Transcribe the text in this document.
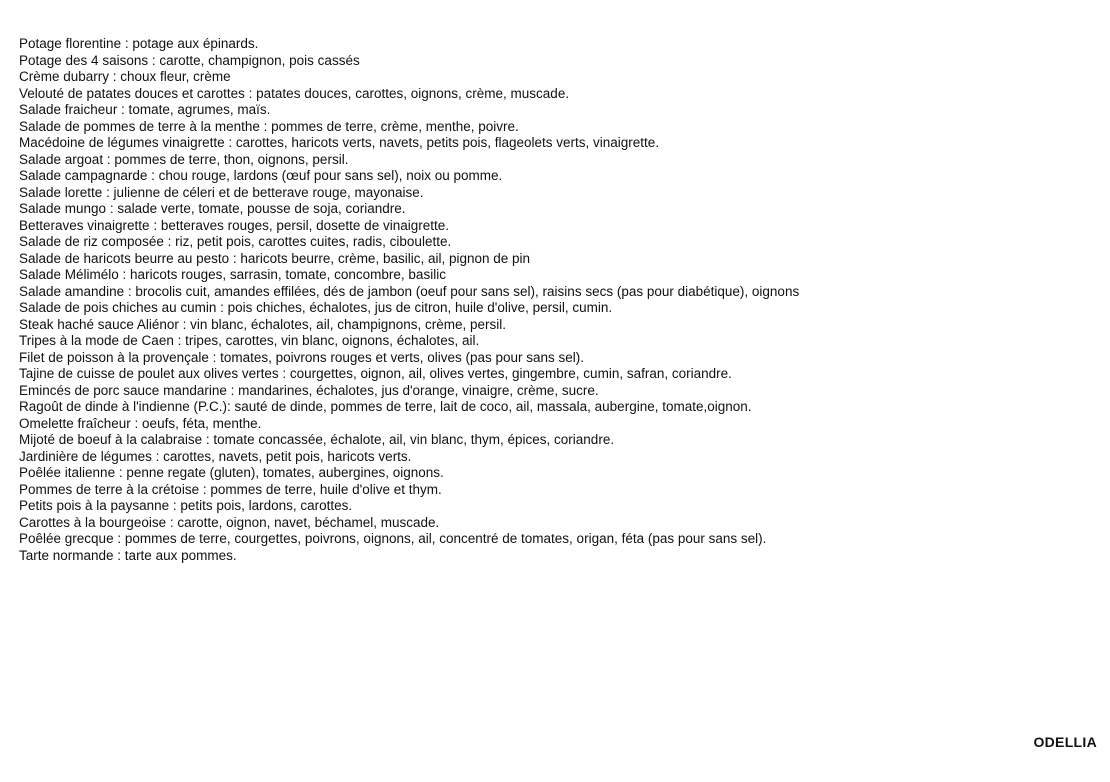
Potage florentine : potage aux épinards.
Potage des 4 saisons : carotte, champignon, pois cassés
Crème dubarry : choux fleur, crème
Velouté de patates douces et carottes : patates douces, carottes, oignons, crème, muscade.
Salade fraicheur : tomate, agrumes, maïs.
Salade de pommes de terre à la menthe : pommes de terre, crème, menthe, poivre.
Macédoine de légumes vinaigrette : carottes, haricots verts, navets, petits pois, flageolets verts, vinaigrette.
Salade argoat : pommes de terre, thon, oignons, persil.
Salade campagnarde : chou rouge, lardons (œuf pour sans sel), noix ou pomme.
Salade lorette : julienne de céleri et de betterave rouge, mayonaise.
Salade mungo : salade verte, tomate, pousse de soja, coriandre.
Betteraves vinaigrette : betteraves rouges, persil, dosette de vinaigrette.
Salade de riz composée : riz, petit pois, carottes cuites, radis, ciboulette.
Salade de haricots beurre au pesto : haricots beurre, crème, basilic, ail, pignon de pin
Salade Mélimélo : haricots rouges, sarrasin, tomate, concombre, basilic
Salade amandine : brocolis cuit, amandes effilées, dés de jambon (oeuf pour sans sel), raisins secs (pas pour diabétique), oignons
Salade de pois chiches au cumin : pois chiches, échalotes, jus de citron, huile d'olive, persil, cumin.
Steak haché sauce Aliénor : vin blanc, échalotes, ail, champignons, crème, persil.
Tripes à la mode de Caen : tripes, carottes, vin blanc, oignons, échalotes, ail.
Filet de poisson à la provençale : tomates, poivrons rouges et verts, olives (pas pour sans sel).
Tajine de cuisse de poulet aux olives vertes : courgettes, oignon, ail, olives vertes, gingembre, cumin, safran, coriandre.
Emincés de porc sauce mandarine : mandarines, échalotes, jus d'orange, vinaigre, crème, sucre.
Ragoût de dinde à l'indienne (P.C.): sauté de dinde, pommes de terre, lait de coco, ail, massala, aubergine, tomate,oignon.
Omelette fraîcheur : oeufs, féta, menthe.
Mijoté de boeuf à la calabraise : tomate concassée, échalote, ail, vin blanc, thym, épices, coriandre.
Jardinière de légumes : carottes, navets, petit pois, haricots verts.
Poêlée italienne : penne regate (gluten), tomates, aubergines, oignons.
Pommes de terre à la crétoise : pommes de terre, huile d'olive et thym.
Petits pois à la paysanne : petits pois, lardons, carottes.
Carottes à la bourgeoise : carotte, oignon, navet, béchamel, muscade.
Poêlée grecque : pommes de terre, courgettes, poivrons, oignons, ail, concentré de tomates, origan, féta (pas pour sans sel).
Tarte normande : tarte aux pommes.
ODELLIA
